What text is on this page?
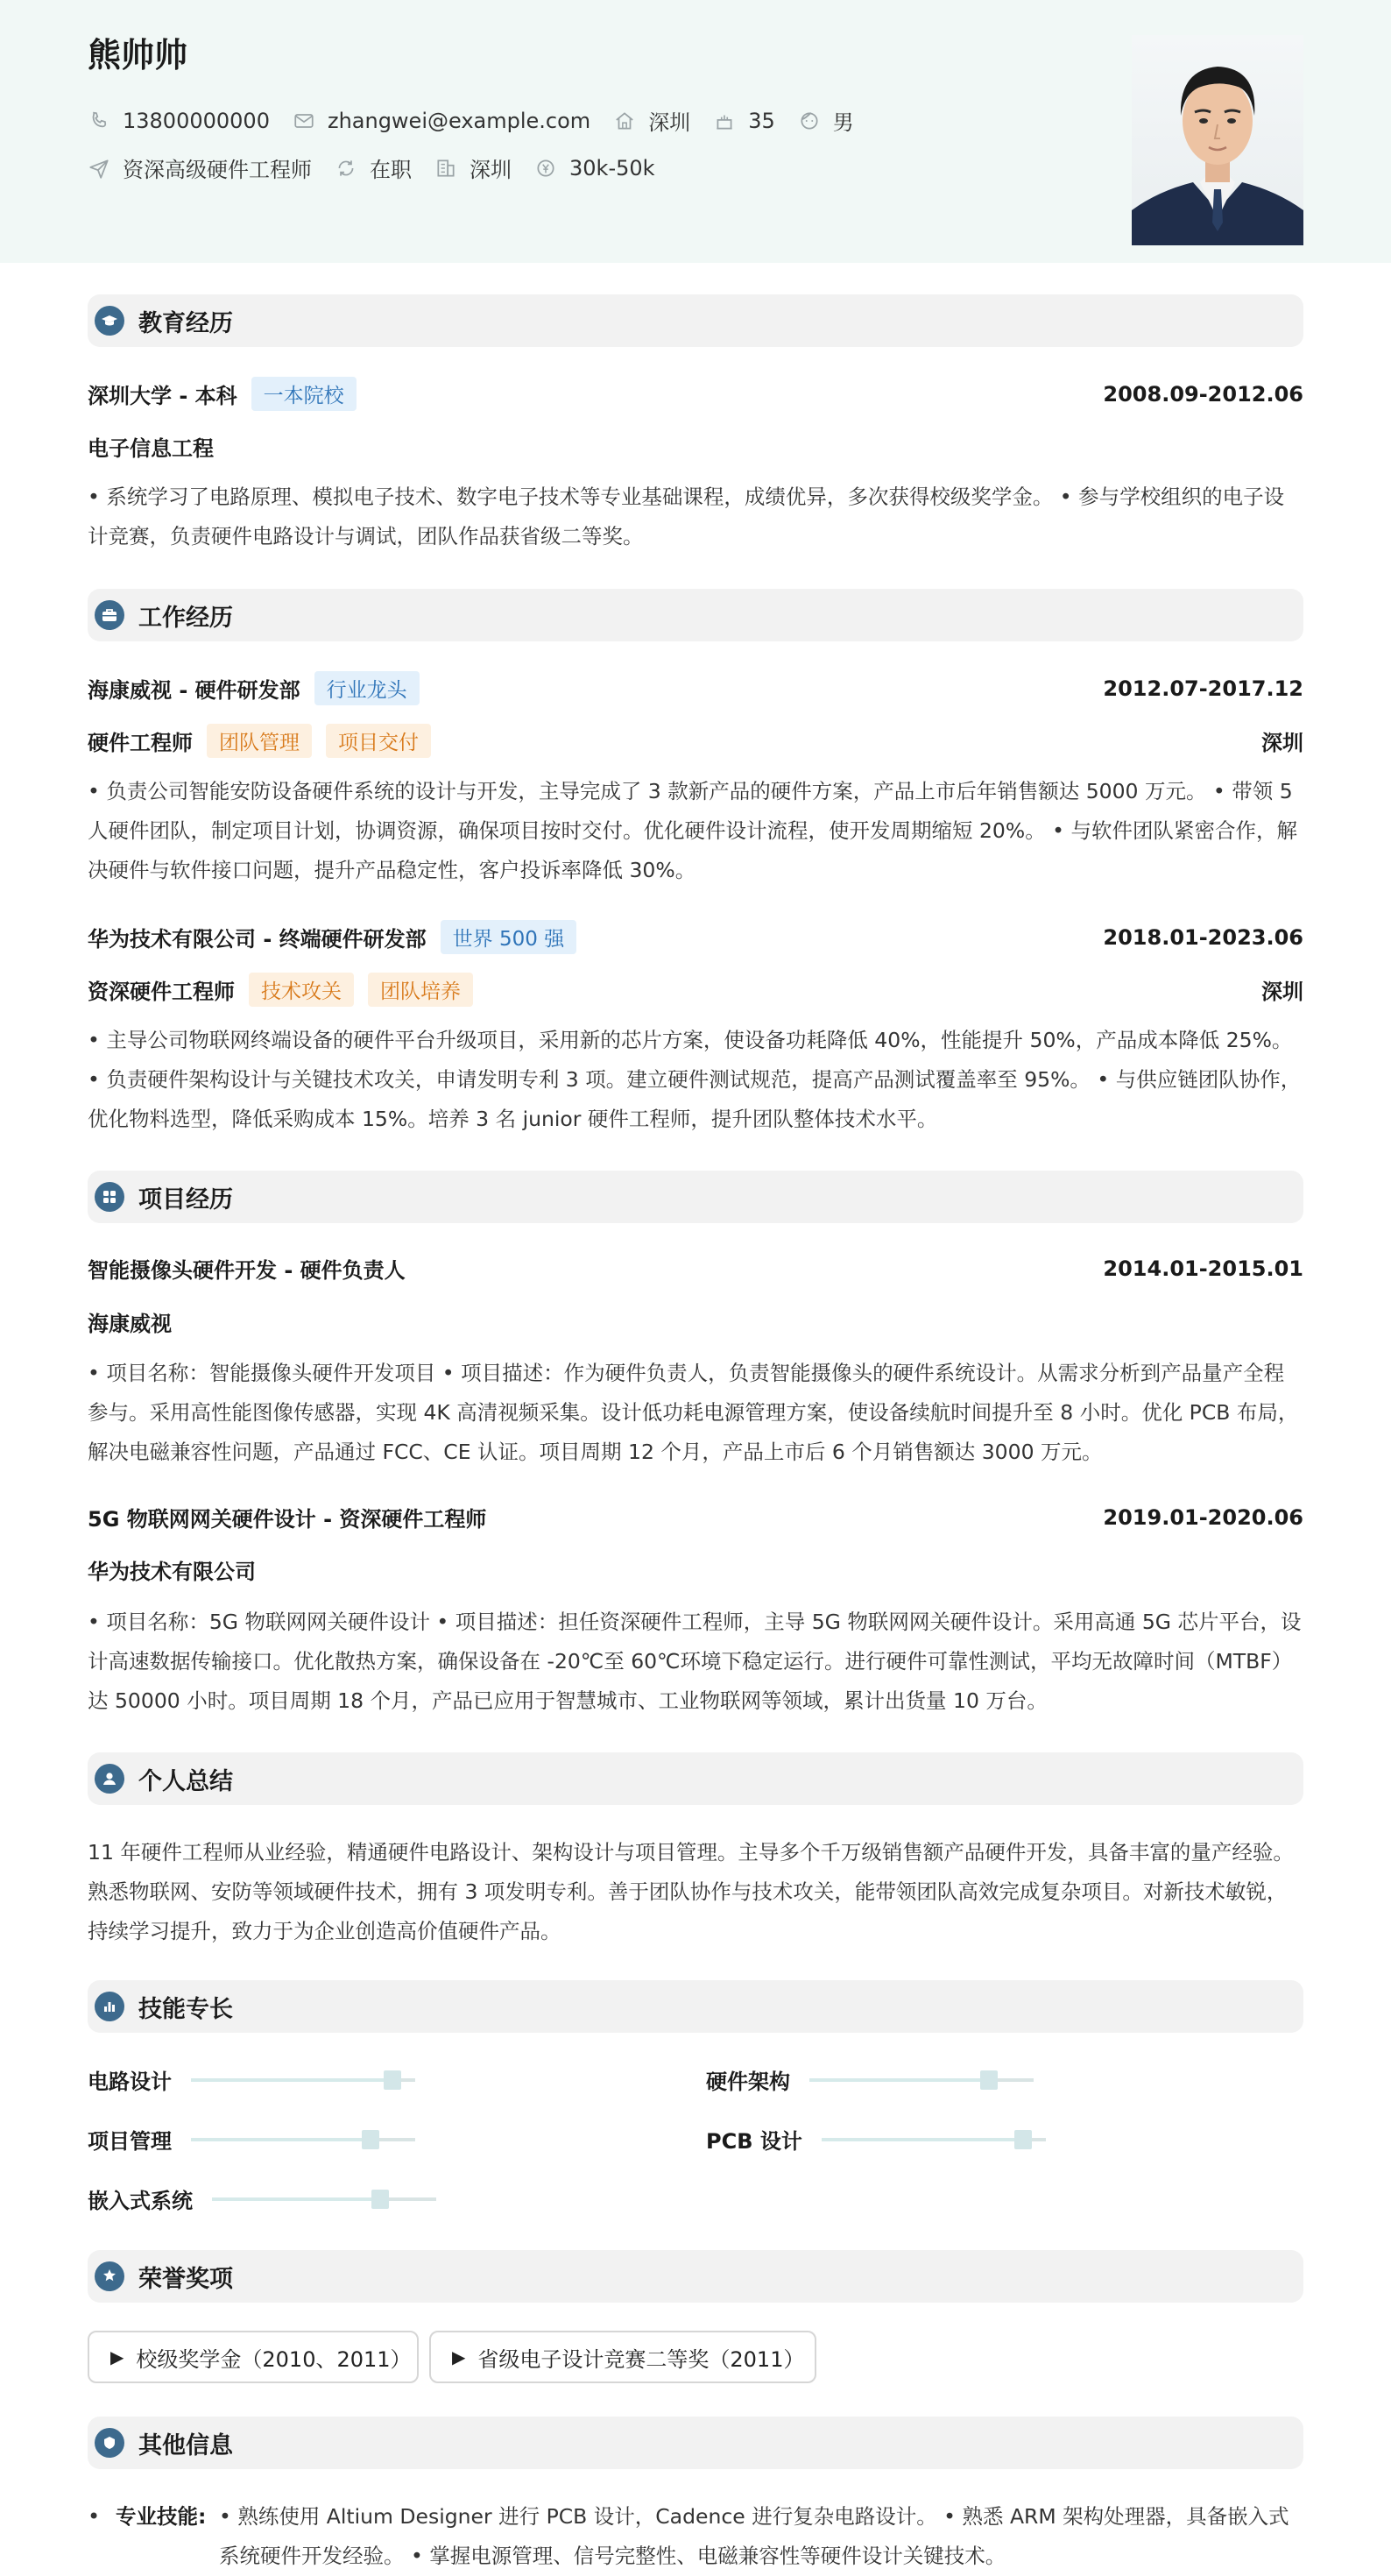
熊帅帅
13800000000	zhangwei@example.com	深圳	35	男
资深高级硬件工程师	在职	深圳	30k-50k
教育经历
深圳大学 - 本科	一本院校	2008.09-2012.06
电子信息工程
• 系统学习了电路原理、模拟电子技术、数字电子技术等专业基础课程，成绩优异，多次获得校级奖学金。 • 参与学校组织的电子设计竞赛，负责硬件电路设计与调试，团队作品获省级二等奖。
工作经历
海康威视 - 硬件研发部	行业龙头	2012.07-2017.12
硬件工程师	团队管理	项目交付	深圳
• 负责公司智能安防设备硬件系统的设计与开发，主导完成了 3 款新产品的硬件方案，产品上市后年销售额达 5000 万元。 • 带领 5 人硬件团队，制定项目计划，协调资源，确保项目按时交付。优化硬件设计流程，使开发周期缩短 20%。 • 与软件团队紧密合作，解决硬件与软件接口问题，提升产品稳定性，客户投诉率降低 30%。
华为技术有限公司 - 终端硬件研发部	世界 500 强	2018.01-2023.06
资深硬件工程师	技术攻关	团队培养	深圳
• 主导公司物联网终端设备的硬件平台升级项目，采用新的芯片方案，使设备功耗降低 40%，性能提升 50%，产品成本降低 25%。 • 负责硬件架构设计与关键技术攻关，申请发明专利 3 项。建立硬件测试规范，提高产品测试覆盖率至 95%。 • 与供应链团队协作，优化物料选型，降低采购成本 15%。培养 3 名 junior 硬件工程师，提升团队整体技术水平。
项目经历
智能摄像头硬件开发 - 硬件负责人	2014.01-2015.01
海康威视
• 项目名称：智能摄像头硬件开发项目 • 项目描述：作为硬件负责人，负责智能摄像头的硬件系统设计。从需求分析到产品量产全程参与。采用高性能图像传感器，实现 4K 高清视频采集。设计低功耗电源管理方案，使设备续航时间提升至 8 小时。优化 PCB 布局，解决电磁兼容性问题，产品通过 FCC、CE 认证。项目周期 12 个月，产品上市后 6 个月销售额达 3000 万元。
5G 物联网网关硬件设计 - 资深硬件工程师	2019.01-2020.06
华为技术有限公司
• 项目名称：5G 物联网网关硬件设计 • 项目描述：担任资深硬件工程师，主导 5G 物联网网关硬件设计。采用高通 5G 芯片平台，设计高速数据传输接口。优化散热方案，确保设备在 -20℃至 60℃环境下稳定运行。进行硬件可靠性测试，平均无故障时间（MTBF）达 50000 小时。项目周期 18 个月，产品已应用于智慧城市、工业物联网等领域，累计出货量 10 万台。
个人总结
11 年硬件工程师从业经验，精通硬件电路设计、架构设计与项目管理。主导多个千万级销售额产品硬件开发，具备丰富的量产经验。熟悉物联网、安防等领域硬件技术，拥有 3 项发明专利。善于团队协作与技术攻关，能带领团队高效完成复杂项目。对新技术敏锐，持续学习提升，致力于为企业创造高价值硬件产品。
技能专长
电路设计	硬件架构
项目管理	PCB 设计
嵌入式系统
荣誉奖项
▶ 校级奖学金（2010、2011） ▶ 省级电子设计竞赛二等奖（2011）
其他信息
• 专业技能: • 熟练使用 Altium Designer 进行 PCB 设计，Cadence 进行复杂电路设计。 • 熟悉 ARM 架构处理器，具备嵌入式系统硬件开发经验。 • 掌握电源管理、信号完整性、电磁兼容性等硬件设计关键技术。
